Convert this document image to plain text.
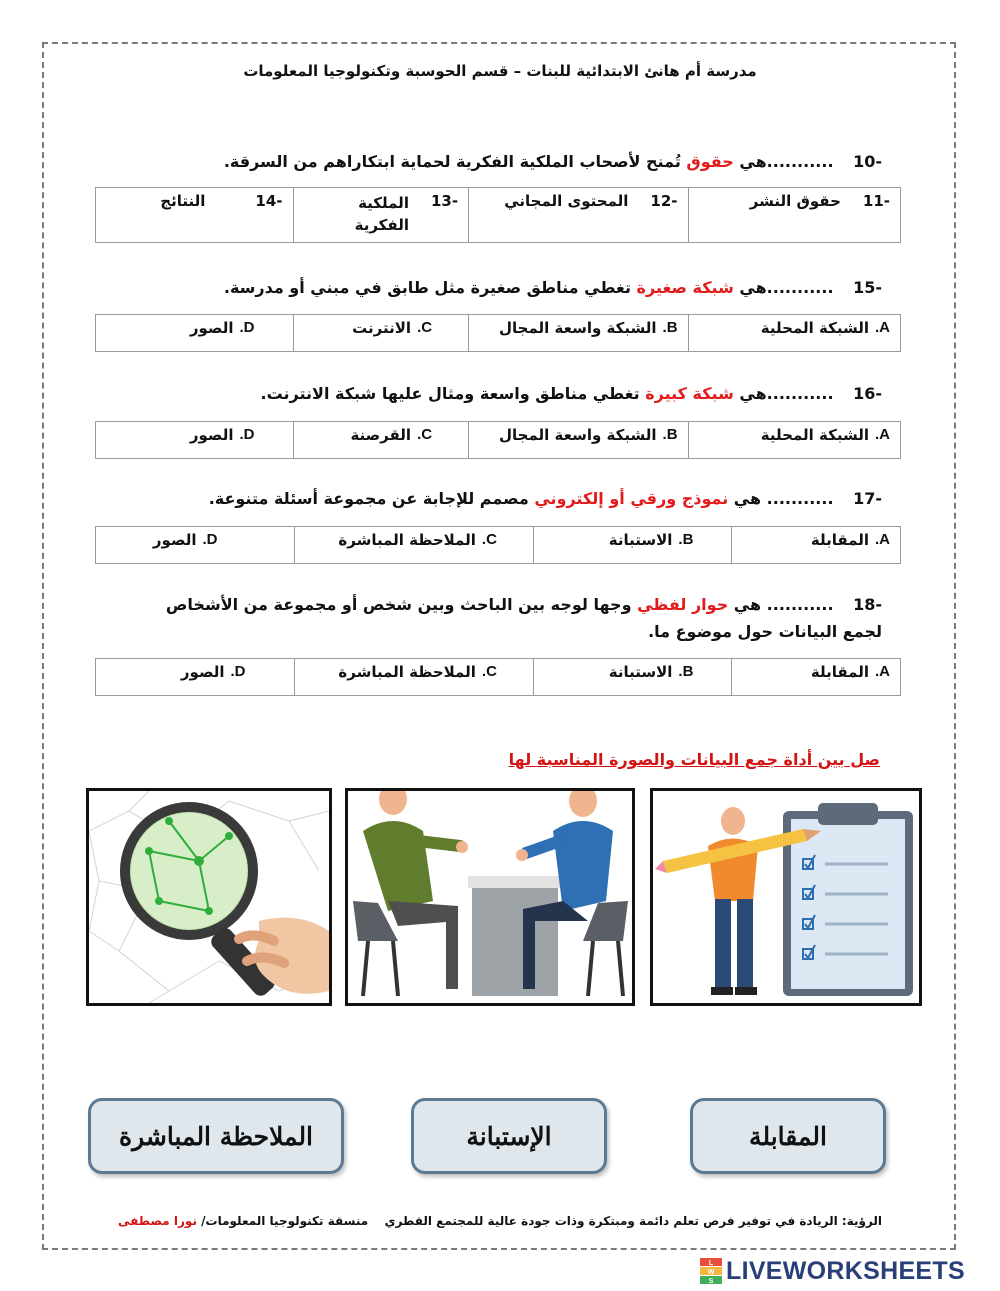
مدرسة أم هانئ الابتدائية للبنات – قسم الحوسبة وتكنولوجيا المعلومات
-10 ...........هي حقوق تُمنح لأصحاب الملكية الفكرية لحماية ابتكاراهم من السرقة.
-11
حقوق النشر
-12
المحتوى المجاني
-13
الملكية الفكرية
-14
النتائج
-15 ...........هي شبكة صغيرة تغطي مناطق صغيرة مثل طابق في مبني أو مدرسة.
A.
الشبكة المحلية
B.
الشبكة واسعة المجال
C.
الانترنت
D.
الصور
-16 ...........هي شبكة كبيرة تغطي مناطق واسعة ومثال عليها شبكة الانترنت.
A.
الشبكة المحلية
B.
الشبكة واسعة المجال
C.
القرصنة
D.
الصور
-17 ........... هي نموذج ورقي أو إلكتروني مصمم للإجابة عن مجموعة أسئلة متنوعة.
A.
المقابلة
B.
الاستبانة
C.
الملاحظة المباشرة
D.
الصور
-18 ........... هي حوار لفظي وجها لوجه بين الباحث وبين شخص أو مجموعة من الأشخاص لجمع البيانات حول موضوع ما.
A.
المقابلة
B.
الاستبانة
C.
الملاحظة المباشرة
D.
الصور
صل بين أداة جمع البيانات والصورة المناسبة لها
الملاحظة المباشرة	الإستبانة	المقابلة
الرؤية: الريادة في توفير فرص تعلم دائمة ومبتكرة وذات جودة عالية للمجتمع القطري
منسقة تكنولوجيا المعلومات/ نورا مصطفى
L
W
S LIVEWORKSHEETS
